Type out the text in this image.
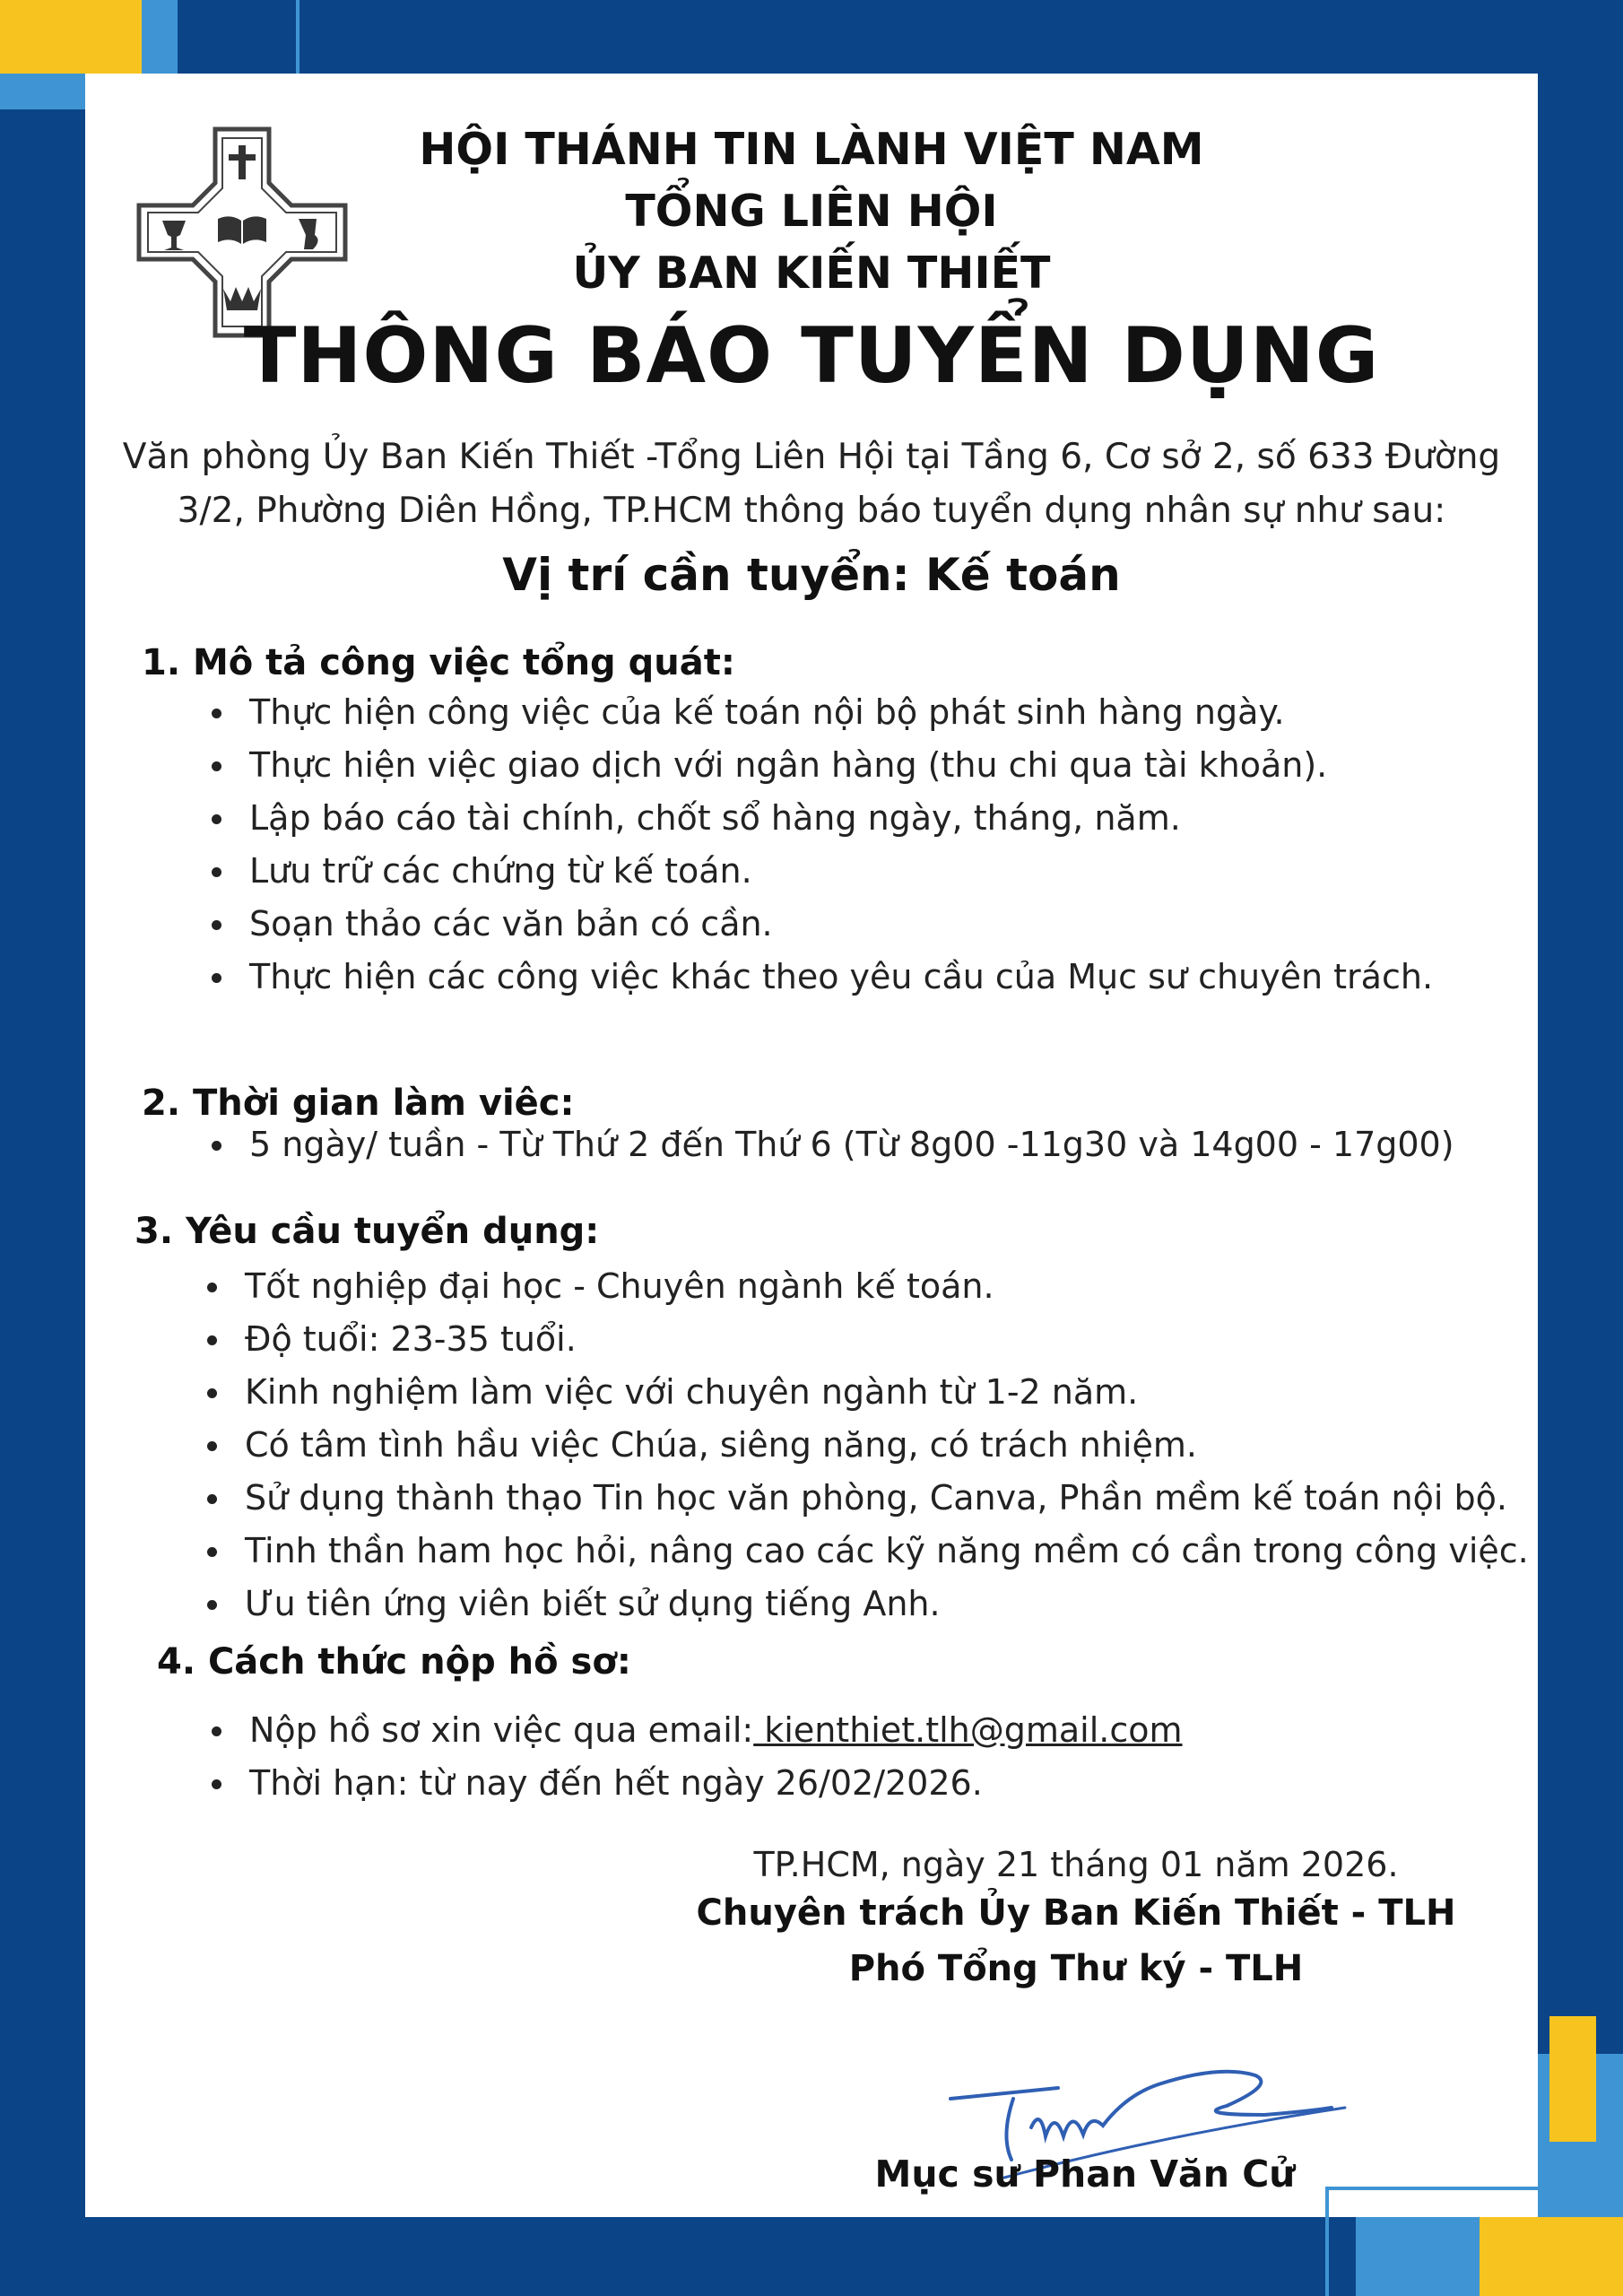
HỘI THÁNH TIN LÀNH VIỆT NAM
TỔNG LIÊN HỘI
ỦY BAN KIẾN THIẾT
THÔNG BÁO TUYỂN DỤNG
Văn phòng Ủy Ban Kiến Thiết -Tổng Liên Hội tại Tầng 6, Cơ sở 2, số 633 Đường
3/2, Phường Diên Hồng, TP.HCM thông báo tuyển dụng nhân sự như sau:
Vị trí cần tuyển: Kế toán
1. Mô tả công việc tổng quát:
Thực hiện công việc của kế toán nội bộ phát sinh hàng ngày.
Thực hiện việc giao dịch với ngân hàng (thu chi qua tài khoản).
Lập báo cáo tài chính, chốt sổ hàng ngày, tháng, năm.
Lưu trữ các chứng từ kế toán.
Soạn thảo các văn bản có cần.
Thực hiện các công việc khác theo yêu cầu của Mục sư chuyên trách.
2. Thời gian làm viêc:
5 ngày/ tuần - Từ Thứ 2 đến Thứ 6 (Từ 8g00 -11g30 và 14g00 - 17g00)
3. Yêu cầu tuyển dụng:
Tốt nghiệp đại học - Chuyên ngành kế toán.
Độ tuổi: 23-35 tuổi.
Kinh nghiệm làm việc với chuyên ngành từ 1-2 năm.
Có tâm tình hầu việc Chúa, siêng năng, có trách nhiệm.
Sử dụng thành thạo Tin học văn phòng, Canva, Phần mềm kế toán nội bộ.
Tinh thần ham học hỏi, nâng cao các kỹ năng mềm có cần trong công việc.
Ưu tiên ứng viên biết sử dụng tiếng Anh.
4. Cách thức nộp hồ sơ:
Nộp hồ sơ xin việc qua email: kienthiet.tlh@gmail.com
Thời hạn: từ nay đến hết ngày 26/02/2026.
TP.HCM, ngày 21 tháng 01 năm 2026.
Chuyên trách Ủy Ban Kiến Thiết - TLH
Phó Tổng Thư ký - TLH
Mục sư Phan Văn Cử
